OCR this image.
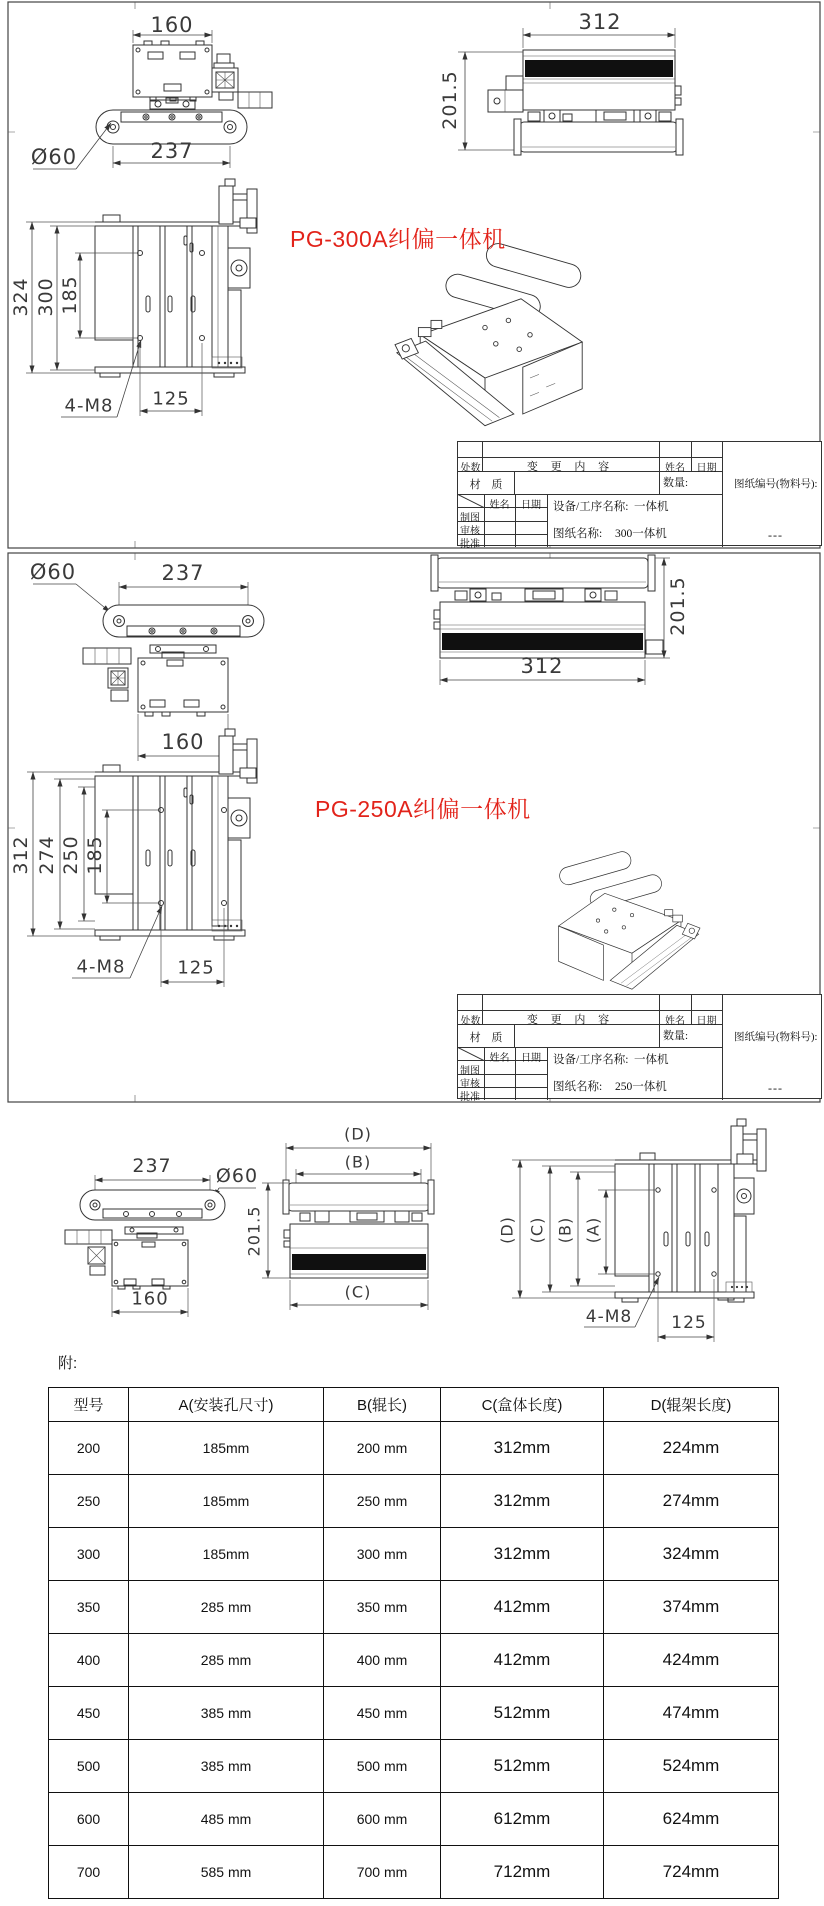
160	312
201.5
237
Ø60
324 300 185
4-M8 125
PG-300A纠偏一体机
Ø60	237
160
312
201.5
312 274 250 185
4-M8	125
PG-250A纠偏一体机
237 Ø60
160
(D)
(B)
201.5
(C)
(D) (C) (B) (A)
4-M8 125
处数	变 更 内 容	姓名	日期
材 质	数量:	图纸编号(物料号):
姓名	日期
制图
审核
批准
设备/工序名称: 一体机
图纸名称: 300一体机	---
处数	变 更 内 容	姓名	日期
材 质	数量:	图纸编号(物料号):
姓名	日期
制图
审核
批准
设备/工序名称: 一体机
图纸名称: 250一体机	---
附:
型号	A(安装孔尺寸)	B(辊长)	C(盒体长度)	D(辊架长度)
200	185mm	200 mm	312mm	224mm
250	185mm	250 mm	312mm	274mm
300	185mm	300 mm	312mm	324mm
350	285 mm	350 mm	412mm	374mm
400	285 mm	400 mm	412mm	424mm
450	385 mm	450 mm	512mm	474mm
500	385 mm	500 mm	512mm	524mm
600	485 mm	600 mm	612mm	624mm
700	585 mm	700 mm	712mm	724mm
